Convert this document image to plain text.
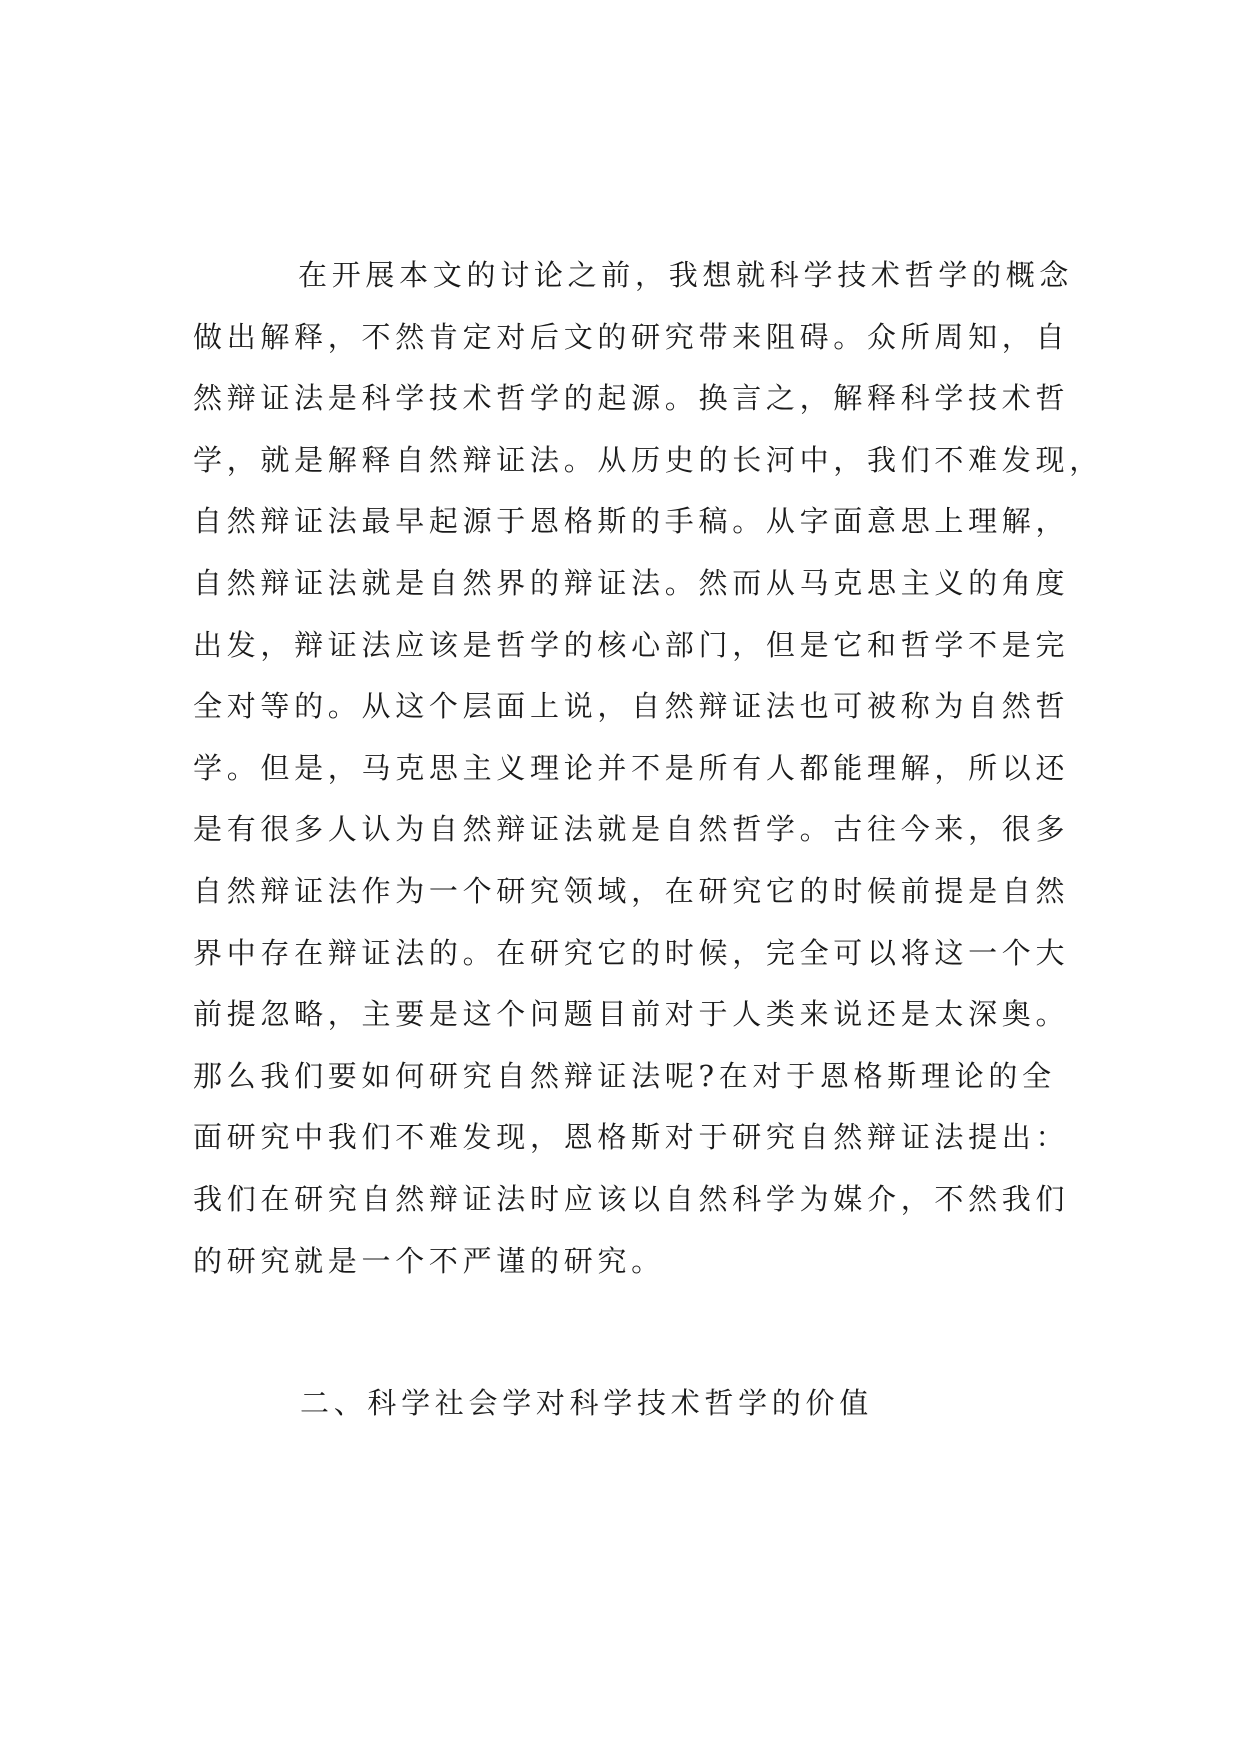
在开展本文的讨论之前，我想就科学技术哲学的概念
做出解释，不然肯定对后文的研究带来阻碍。众所周知，自
然辩证法是科学技术哲学的起源。换言之，解释科学技术哲
学，就是解释自然辩证法。从历史的长河中，我们不难发现，
自然辩证法最早起源于恩格斯的手稿。从字面意思上理解，
自然辩证法就是自然界的辩证法。然而从马克思主义的角度
出发，辩证法应该是哲学的核心部门，但是它和哲学不是完
全对等的。从这个层面上说，自然辩证法也可被称为自然哲
学。但是，马克思主义理论并不是所有人都能理解，所以还
是有很多人认为自然辩证法就是自然哲学。古往今来，很多
自然辩证法作为一个研究领域，在研究它的时候前提是自然
界中存在辩证法的。在研究它的时候，完全可以将这一个大
前提忽略，主要是这个问题目前对于人类来说还是太深奥。
那么我们要如何研究自然辩证法呢?在对于恩格斯理论的全
面研究中我们不难发现，恩格斯对于研究自然辩证法提出：
我们在研究自然辩证法时应该以自然科学为媒介，不然我们
的研究就是一个不严谨的研究。
二、科学社会学对科学技术哲学的价值
